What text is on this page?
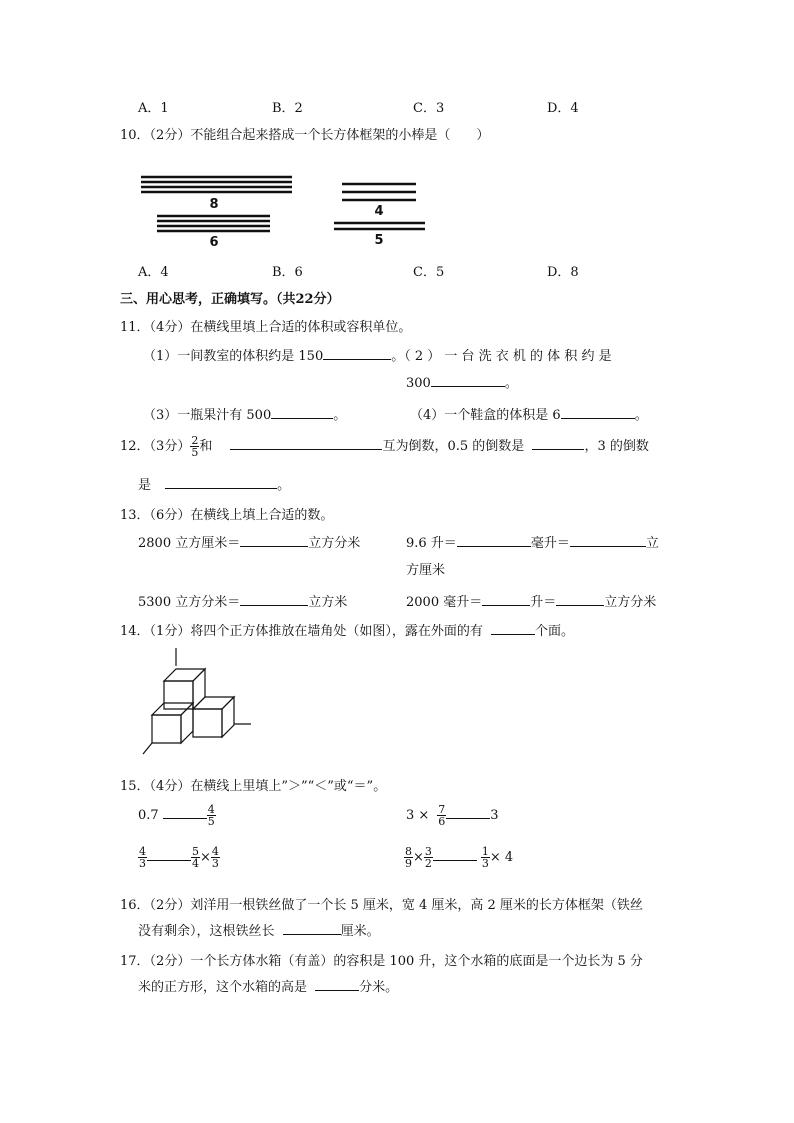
A．1	B．2	C．3	D．4
10．（2分）不能组合起来搭成一个长方体框架的小棒是（　　）
8
6
4
5
A．4	B．6	C．5	D．8
三、用心思考，正确填写。（共22分）
11．（4分）在横线里填上合适的体积或容积单位。
（1）一间教室的体积约是 150	。（ 2 ） 一 台 洗 衣 机 的 体 积 约 是
300	。
（3）一瓶果汁有 500	。	（4）一个鞋盒的体积是 6	。
12．（3分） $\frac{2}{5}$ 和	互为倒数，0.5 的倒数是	，3 的倒数
是	。
13．（6分）在横线上填上合适的数。
2800 立方厘米＝	立方分米	9.6 升＝	毫升＝	立
方厘米
5300 立方分米＝	立方米	2000 毫升＝	升＝	立方分米
14．（1分）将四个正方体推放在墙角处（如图），露在外面的有	个面。
15．（4分）在横线上里填上”＞”“＜”或“＝”。
0.7	$\frac{4}{5}$	$3 \times \frac{7}{6}$	3
$\frac{4}{3}$	$\frac{5}{4} \times \frac{4}{3}$	$\frac{8}{9} \times \frac{3}{2}$	$\frac{1}{3} \times 4$
16．（2分）刘洋用一根铁丝做了一个长 5 厘米，宽 4 厘米，高 2 厘米的长方体框架（铁丝
没有剩余），这根铁丝长	厘米。
17．（2分）一个长方体水箱（有盖）的容积是 100 升，这个水箱的底面是一个边长为 5 分
米的正方形，这个水箱的高是	分米。
